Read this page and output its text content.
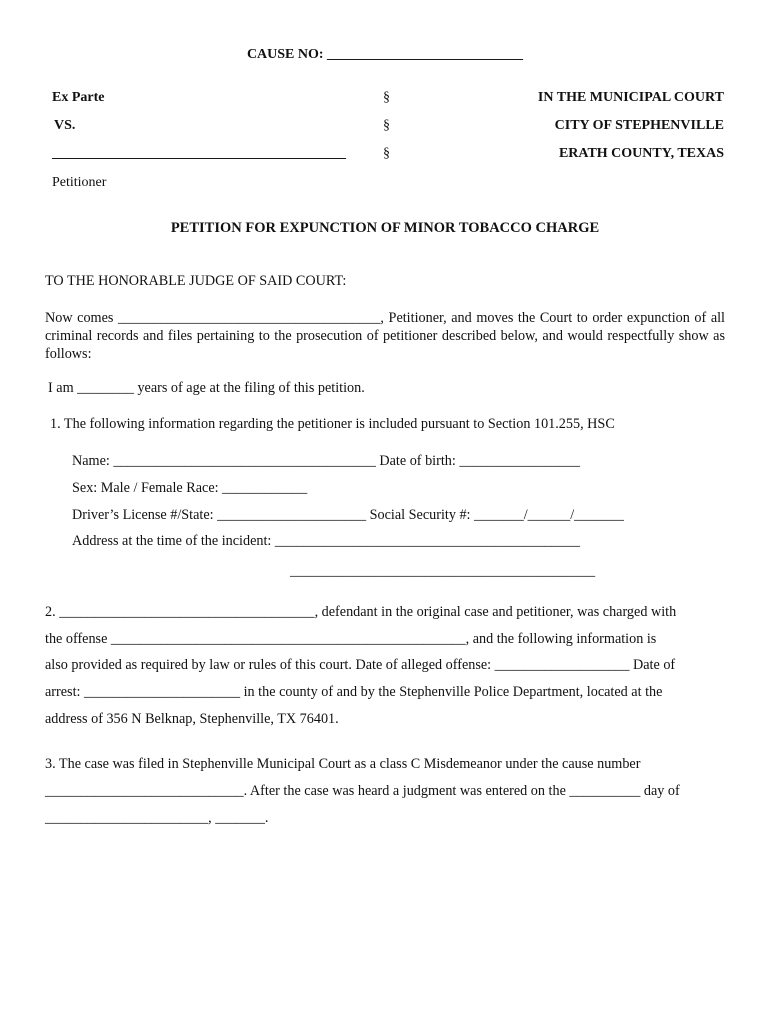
CAUSE NO: ____________________________
Ex Parte
VS.
__________________________________________
Petitioner
§
§
§
IN THE MUNICIPAL COURT
CITY OF STEPHENVILLE
ERATH COUNTY, TEXAS
PETITION FOR EXPUNCTION OF MINOR TOBACCO CHARGE
TO THE HONORABLE JUDGE OF SAID COURT:
Now comes _____________________________________, Petitioner, and moves the Court to order expunction of all criminal records and files pertaining to the prosecution of petitioner described below, and would respectfully show as follows:
I am ________ years of age at the filing of this petition.
1. The following information regarding the petitioner is included pursuant to Section 101.255, HSC
Name: _____________________________________ Date of birth: _________________
Sex: Male / Female Race: ____________
Driver’s License #/State: _____________________ Social Security #: _______/______/_______
Address at the time of the incident: ___________________________________________
___________________________________________
2. ____________________________________, defendant in the original case and petitioner, was charged with
the offense __________________________________________________, and the following information is
also provided as required by law or rules of this court. Date of alleged offense: ___________________ Date of
arrest: ______________________ in the county of and by the Stephenville Police Department, located at the
address of 356 N Belknap, Stephenville, TX 76401.
3. The case was filed in Stephenville Municipal Court as a class C Misdemeanor under the cause number
____________________________. After the case was heard a judgment was entered on the __________ day of
_______________________, _______.
